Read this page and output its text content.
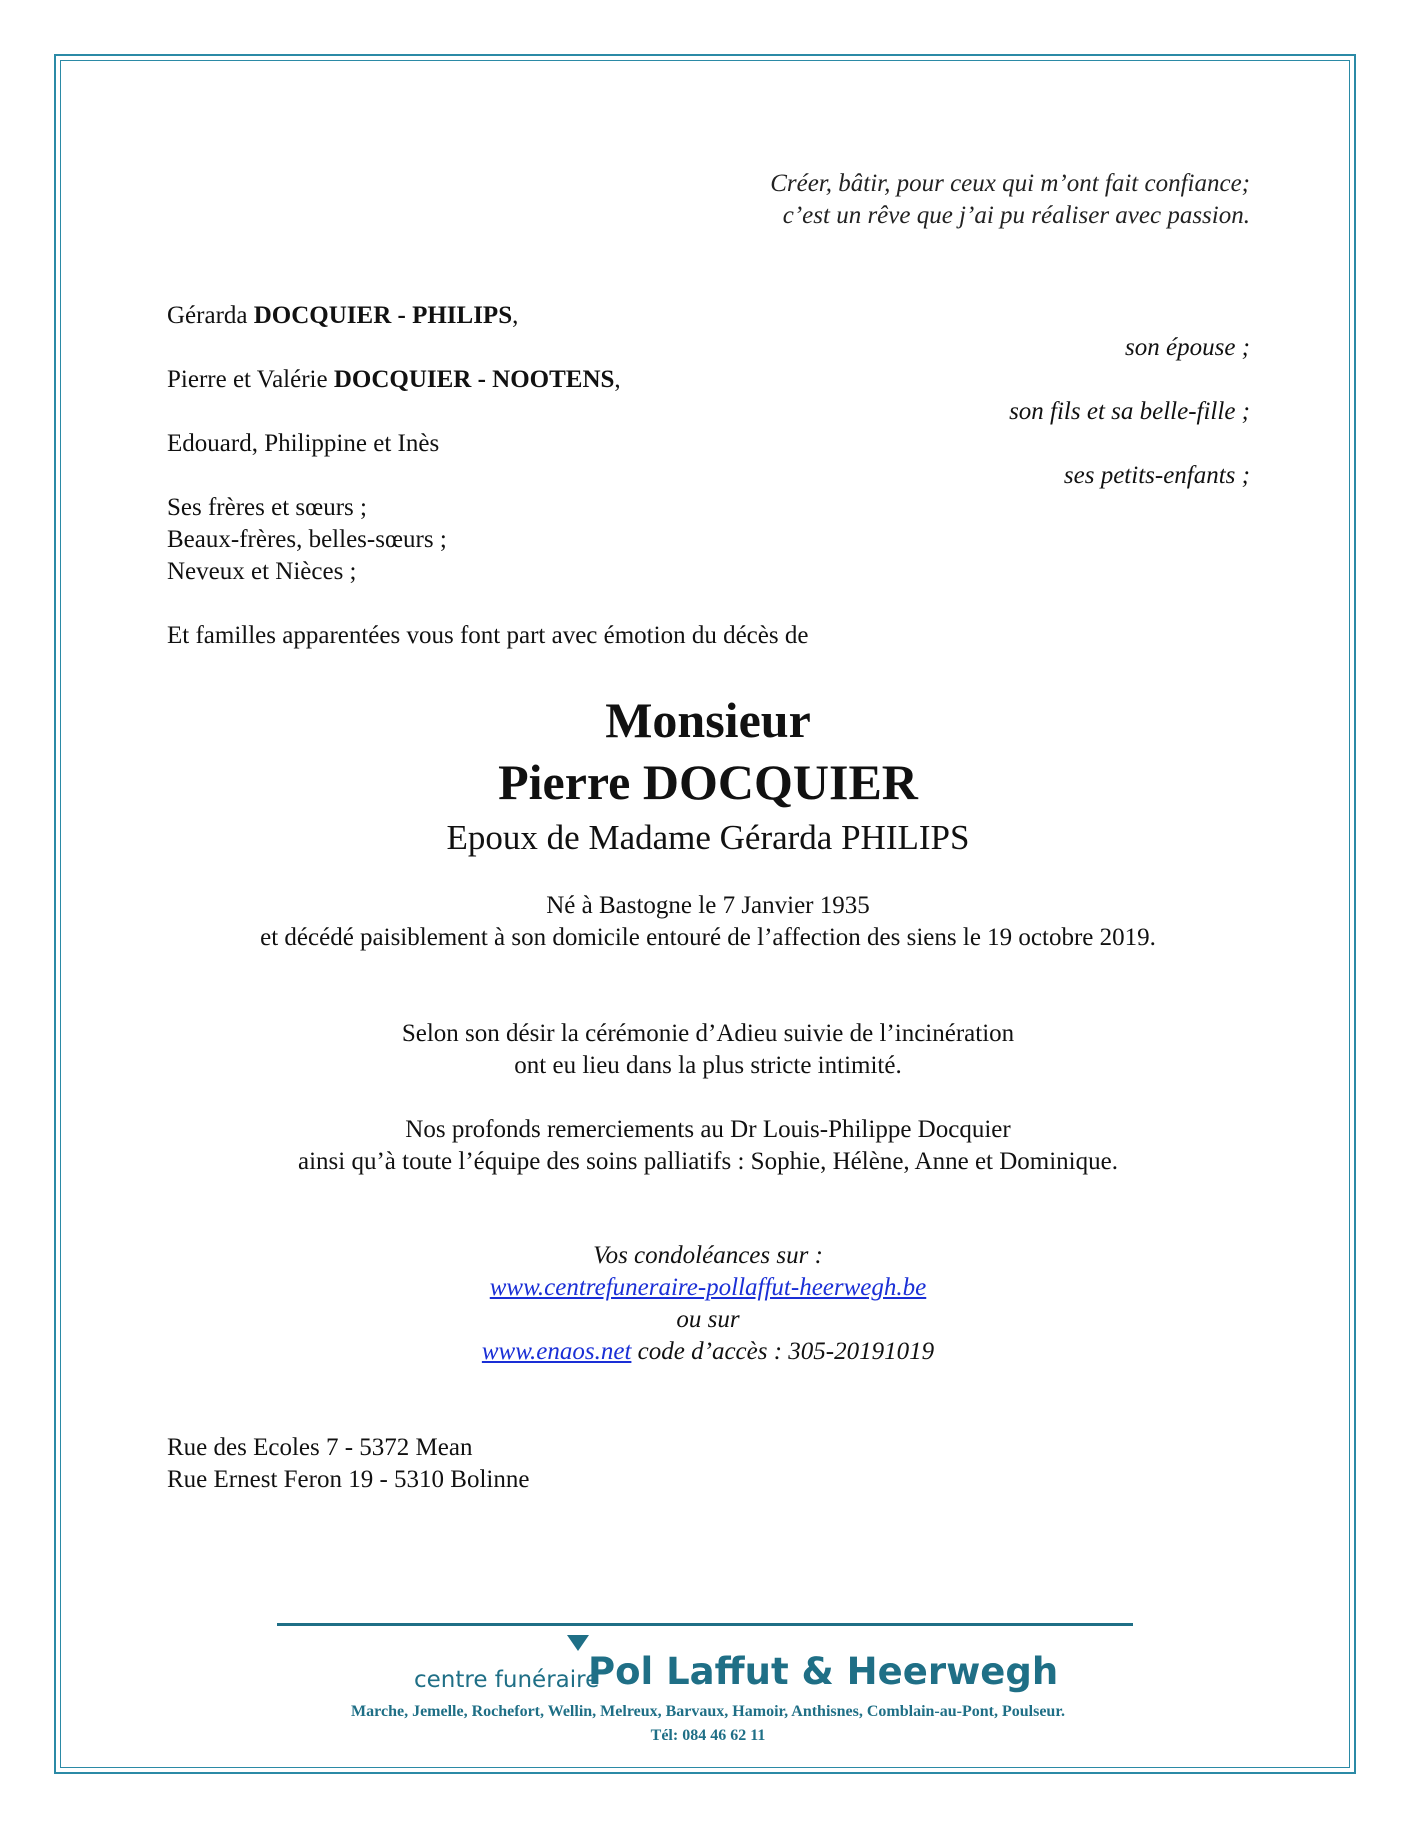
Créer, bâtir, pour ceux qui m’ont fait confiance;
c’est un rêve que j’ai pu réaliser avec passion.
Gérarda DOCQUIER - PHILIPS,
son épouse ;
Pierre et Valérie DOCQUIER - NOOTENS,
son fils et sa belle-fille ;
Edouard, Philippine et Inès
ses petits-enfants ;
Ses frères et sœurs ;
Beaux-frères, belles-sœurs ;
Neveux et Nièces ;
Et familles apparentées vous font part avec émotion du décès de
Monsieur
Pierre DOCQUIER
Epoux de Madame Gérarda PHILIPS
Né à Bastogne le 7 Janvier 1935
et décédé paisiblement à son domicile entouré de l’affection des siens le 19 octobre 2019.
Selon son désir la cérémonie d’Adieu suivie de l’incinération
ont eu lieu dans la plus stricte intimité.
Nos profonds remerciements au Dr Louis-Philippe Docquier
ainsi qu’à toute l’équipe des soins palliatifs : Sophie, Hélène, Anne et Dominique.
Vos condoléances sur :
www.centrefuneraire-pollaffut-heerwegh.be
ou sur
www.enaos.net code d’accès : 305-20191019
Rue des Ecoles 7 - 5372 Mean
Rue Ernest Feron 19 - 5310 Bolinne
centre funéraire
Pol Laffut & Heerwegh
Marche, Jemelle, Rochefort, Wellin, Melreux, Barvaux, Hamoir, Anthisnes, Comblain-au-Pont, Poulseur.
Tél: 084 46 62 11
